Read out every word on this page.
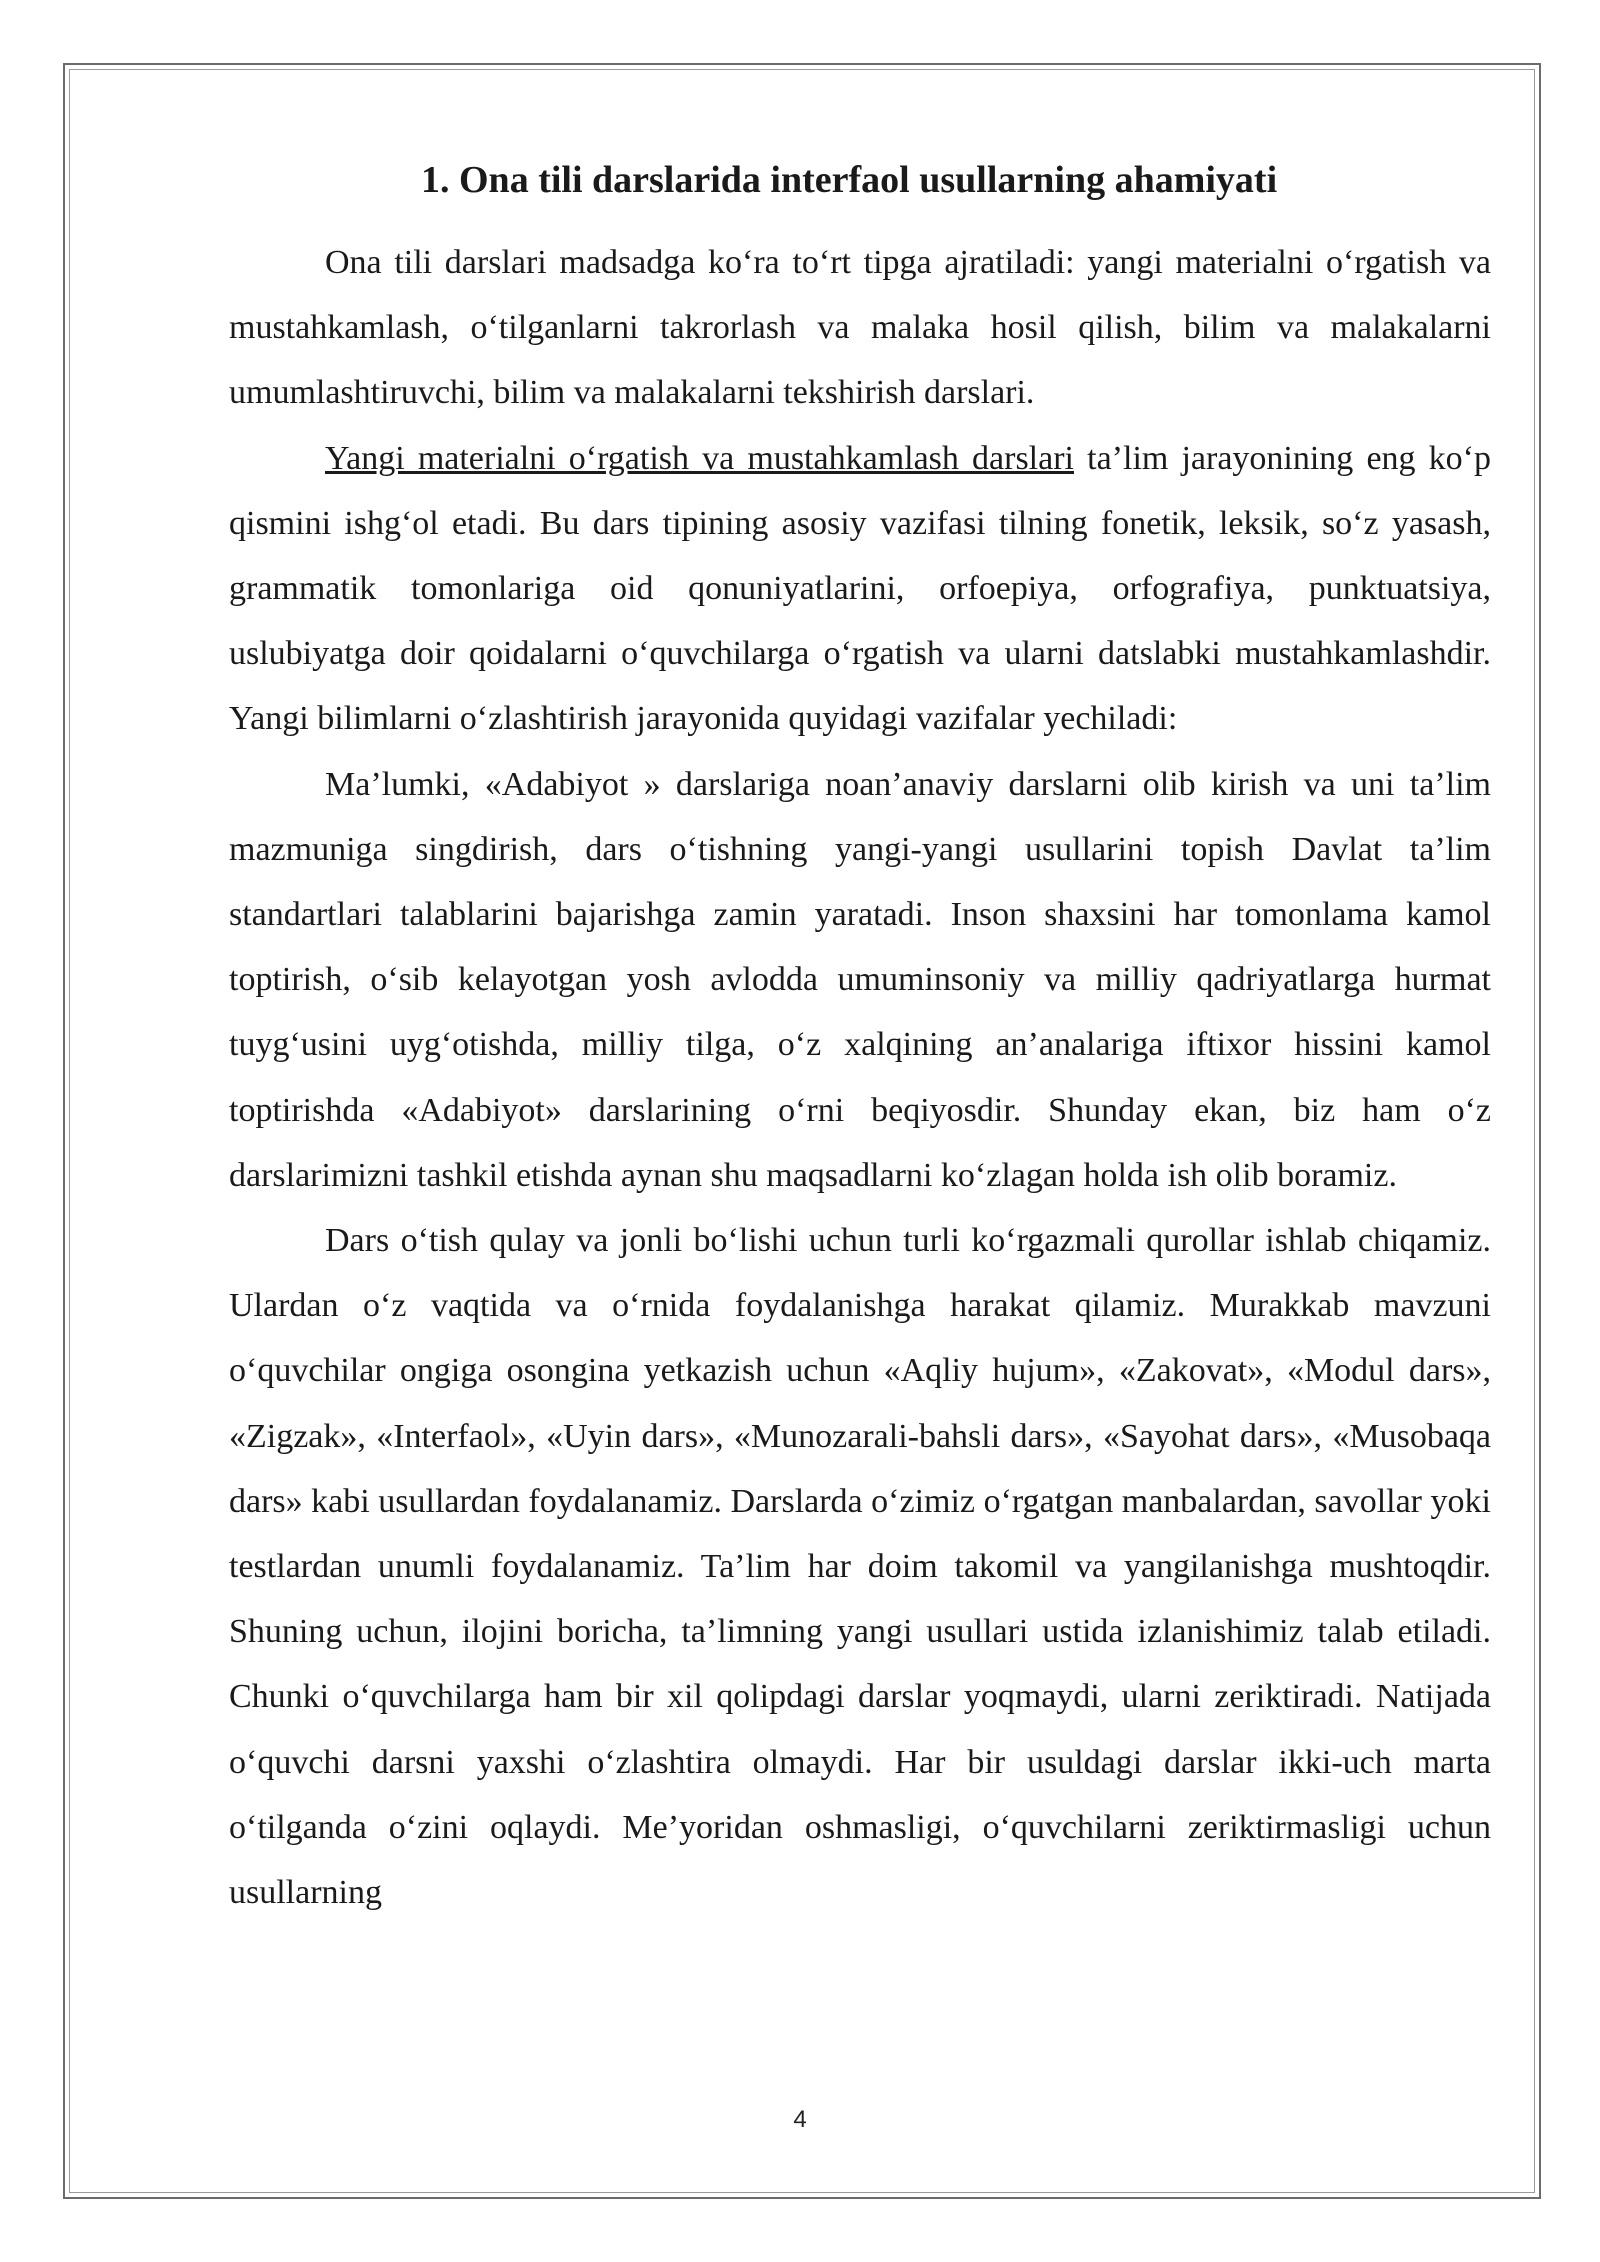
1. Ona tili darslarida interfaol usullarning ahamiyati

Ona tili darslari madsadga ko‘ra to‘rt tipga ajratiladi: yangi materialni o‘rgatish va mustahkamlash, o‘tilganlarni takrorlash va malaka hosil qilish, bilim va malakalarni umumlashtiruvchi, bilim va malakalarni tekshirish darslari.

Yangi materialni o‘rgatish va mustahkamlash darslari ta’lim jarayonining eng ko‘p qismini ishg‘ol etadi. Bu dars tipining asosiy vazifasi tilning fonetik, leksik, so‘z yasash, grammatik tomonlariga oid qonuniyatlarini, orfoepiya, orfografiya, punktuatsiya, uslubiyatga doir qoidalarni o‘quvchilarga o‘rgatish va ularni datslabki mustahkamlashdir. Yangi bilimlarni o‘zlashtirish jarayonida quyidagi vazifalar yechiladi:

Ma’lumki, «Adabiyot » darslariga noan’anaviy darslarni olib kirish va uni ta’lim mazmuniga singdirish, dars o‘tishning yangi-yangi usullarini topish Davlat ta’lim standartlari talablarini bajarishga zamin yaratadi. Inson shaxsini har tomonlama kamol toptirish, o‘sib kelayotgan yosh avlodda umuminsoniy va milliy qadriyatlarga hurmat tuyg‘usini uyg‘otishda, milliy tilga, o‘z xalqining an’analariga iftixor hissini kamol toptirishda «Adabiyot» darslarining o‘rni beqiyosdir. Shunday ekan, biz ham o‘z darslarimizni tashkil etishda aynan shu maqsadlarni ko‘zlagan holda ish olib boramiz.

Dars o‘tish qulay va jonli bo‘lishi uchun turli ko‘rgazmali qurollar ishlab chiqamiz. Ulardan o‘z vaqtida va o‘rnida foydalanishga harakat qilamiz. Murakkab mavzuni o‘quvchilar ongiga osongina yetkazish uchun «Aqliy hujum», «Zakovat», «Modul dars», «Zigzak», «Interfaol», «Uyin dars», «Munozarali-bahsli dars», «Sayohat dars», «Musobaqa dars» kabi usullardan foydalanamiz. Darslarda o‘zimiz o‘rgatgan manbalardan, savollar yoki testlardan unumli foydalanamiz. Ta’lim har doim takomil va yangilanishga mushtoqdir. Shuning uchun, ilojini boricha, ta’limning yangi usullari ustida izlanishimiz talab etiladi. Chunki o‘quvchilarga ham bir xil qolipdagi darslar yoqmaydi, ularni zeriktiradi. Natijada o‘quvchi darsni yaxshi o‘zlashtira olmaydi. Har bir usuldagi darslar ikki-uch marta o‘tilganda o‘zini oqlaydi. Me’yoridan oshmasligi, o‘quvchilarni zeriktirmasligi uchun usullarning

4
